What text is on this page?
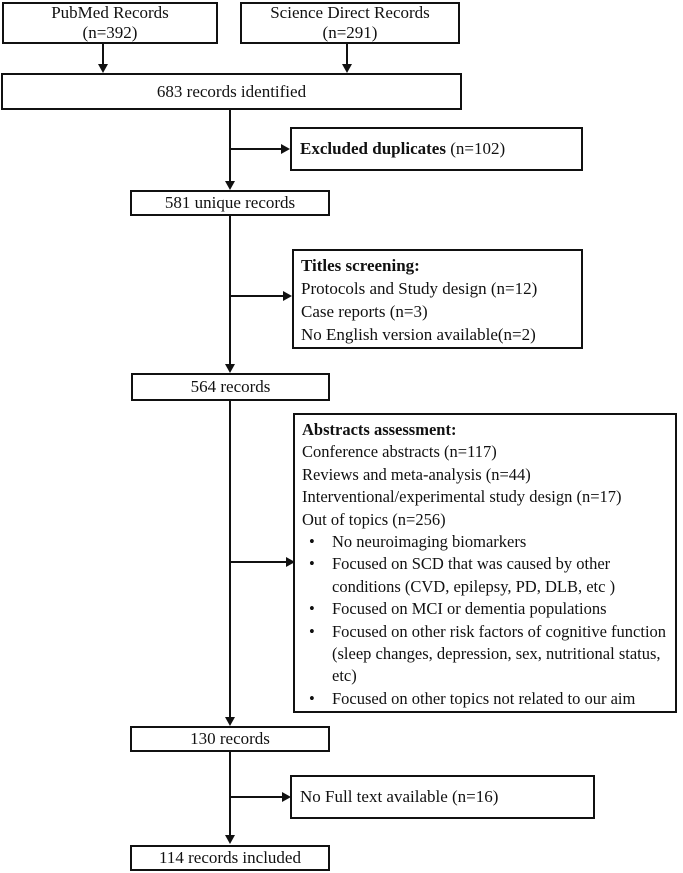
PubMed Records
(n=392)
Science Direct Records
(n=291)
683 records identified
Excluded duplicates (n=102)
581 unique records
Titles screening:
Protocols and Study design (n=12)
Case reports (n=3)
No English version available(n=2)
564 records
Abstracts assessment:
Conference abstracts (n=117)
Reviews and meta-analysis (n=44)
Interventional/experimental study design (n=17)
Out of topics (n=256)
• No neuroimaging biomarkers
• Focused on SCD that was caused by other conditions (CVD, epilepsy, PD, DLB, etc )
• Focused on MCI or dementia populations
• Focused on other risk factors of cognitive function (sleep changes, depression, sex, nutritional status, etc)
• Focused on other topics not related to our aim
130 records
No Full text available (n=16)
114 records included
